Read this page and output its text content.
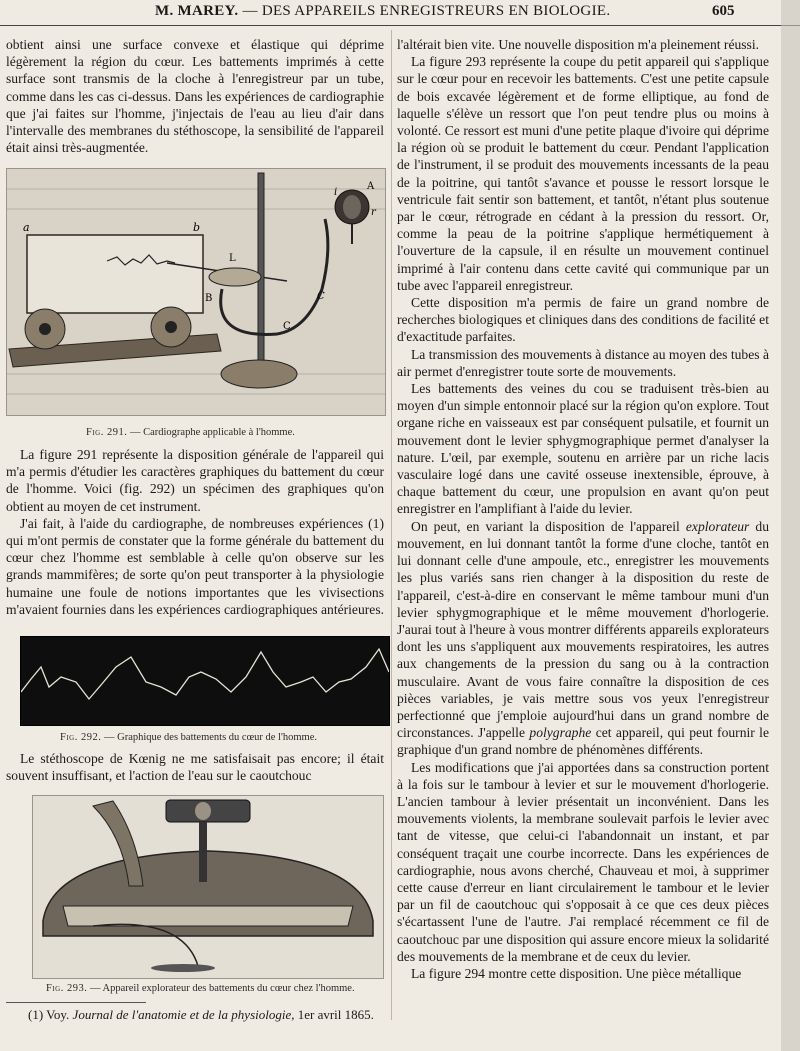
M. MAREY. — DES APPAREILS ENREGISTREURS EN BIOLOGIE.	605

obtient ainsi une surface convexe et élastique qui déprime légèrement la région du cœur. Les battements imprimés à cette surface sont transmis de la cloche à l'enregistreur par un tube, comme dans les cas ci-dessus. Dans les expériences de cardiographie que j'ai faites sur l'homme, j'injectais de l'eau au lieu d'air dans l'intervalle des membranes du stéthoscope, la sensibilité de l'appareil était ainsi très-augmentée.

a	b
L
B
i
A
r
C
C
Fig. 291. — Cardiographe applicable à l'homme.

La figure 291 représente la disposition générale de l'appareil qui m'a permis d'étudier les caractères graphiques du battement du cœur de l'homme. Voici (fig. 292) un spécimen des graphiques qu'on obtient au moyen de cet instrument.

J'ai fait, à l'aide du cardiographe, de nombreuses expériences (1) qui m'ont permis de constater que la forme générale du battement du cœur chez l'homme est semblable à celle qu'on observe sur les grands mammifères; de sorte qu'on peut transporter à la physiologie humaine une foule de notions importantes que les vivisections m'avaient fournies dans les expériences cardiographiques antérieures.

Fig. 292. — Graphique des battements du cœur de l'homme.

Le stéthoscope de Kœnig ne me satisfaisait pas encore; il était souvent insuffisant, et l'action de l'eau sur le caoutchouc

Fig. 293. — Appareil explorateur des battements du cœur chez l'homme.
(1) Voy. Journal de l'anatomie et de la physiologie, 1er avril 1865.

l'altérait bien vite. Une nouvelle disposition m'a pleinement réussi.

La figure 293 représente la coupe du petit appareil qui s'applique sur le cœur pour en recevoir les battements. C'est une petite capsule de bois excavée légèrement et de forme elliptique, au fond de laquelle s'élève un ressort que l'on peut tendre plus ou moins à volonté. Ce ressort est muni d'une petite plaque d'ivoire qui déprime la région où se produit le battement du cœur. Pendant l'application de l'instrument, il se produit des mouvements incessants de la peau de la poitrine, qui tantôt s'avance et pousse le ressort lorsque le ventricule fait sentir son battement, et tantôt, n'étant plus soutenue par le cœur, rétrograde en cédant à la pression du ressort. Or, comme la peau de la poitrine s'applique hermétiquement à l'ouverture de la capsule, il en résulte un mouvement continuel imprimé à l'air contenu dans cette cavité qui communique par un tube avec l'appareil enregistreur.

Cette disposition m'a permis de faire un grand nombre de recherches biologiques et cliniques dans des conditions de facilité et d'exactitude parfaites.

La transmission des mouvements à distance au moyen des tubes à air permet d'enregistrer toute sorte de mouvements.

Les battements des veines du cou se traduisent très-bien au moyen d'un simple entonnoir placé sur la région qu'on explore. Tout organe riche en vaisseaux est par conséquent pulsatile, et fournit un mouvement dont le levier sphygmographique permet d'analyser la nature. L'œil, par exemple, soutenu en arrière par un riche lacis vasculaire logé dans une cavité osseuse inextensible, éprouve, à chaque battement du cœur, une propulsion en avant qu'on peut enregistrer en l'amplifiant à l'aide du levier.

On peut, en variant la disposition de l'appareil explorateur du mouvement, en lui donnant tantôt la forme d'une cloche, tantôt en lui donnant celle d'une ampoule, etc., enregistrer les mouvements les plus variés sans rien changer à la disposition du reste de l'appareil, c'est-à-dire en conservant le même tambour muni d'un levier sphygmographique et le même mouvement d'horlogerie. J'aurai tout à l'heure à vous montrer différents appareils explorateurs dont les uns s'appliquent aux mouvements respiratoires, les autres aux changements de la pression du sang ou à la contraction musculaire. Avant de vous faire connaître la disposition de ces pièces variables, je vais mettre sous vos yeux l'enregistreur perfectionné que j'emploie aujourd'hui dans un grand nombre de circonstances. J'appelle polygraphe cet appareil, qui peut fournir le graphique d'un grand nombre de phénomènes différents.

Les modifications que j'ai apportées dans sa construction portent à la fois sur le tambour à levier et sur le mouvement d'horlogerie. L'ancien tambour à levier présentait un inconvénient. Dans les mouvements violents, la membrane soulevait parfois le levier avec tant de vitesse, que celui-ci l'abandonnait un instant, et par conséquent traçait une courbe incorrecte. Dans les expériences de cardiographie, nous avons cherché, Chauveau et moi, à supprimer cette cause d'erreur en liant circulairement le tambour et le levier par un fil de caoutchouc qui s'opposait à ce que ces deux pièces s'écartassent l'une de l'autre. J'ai remplacé récemment ce fil de caoutchouc par une disposition qui assure encore mieux la solidarité des mouvements de la membrane et de ceux du levier.

La figure 294 montre cette disposition. Une pièce métallique
